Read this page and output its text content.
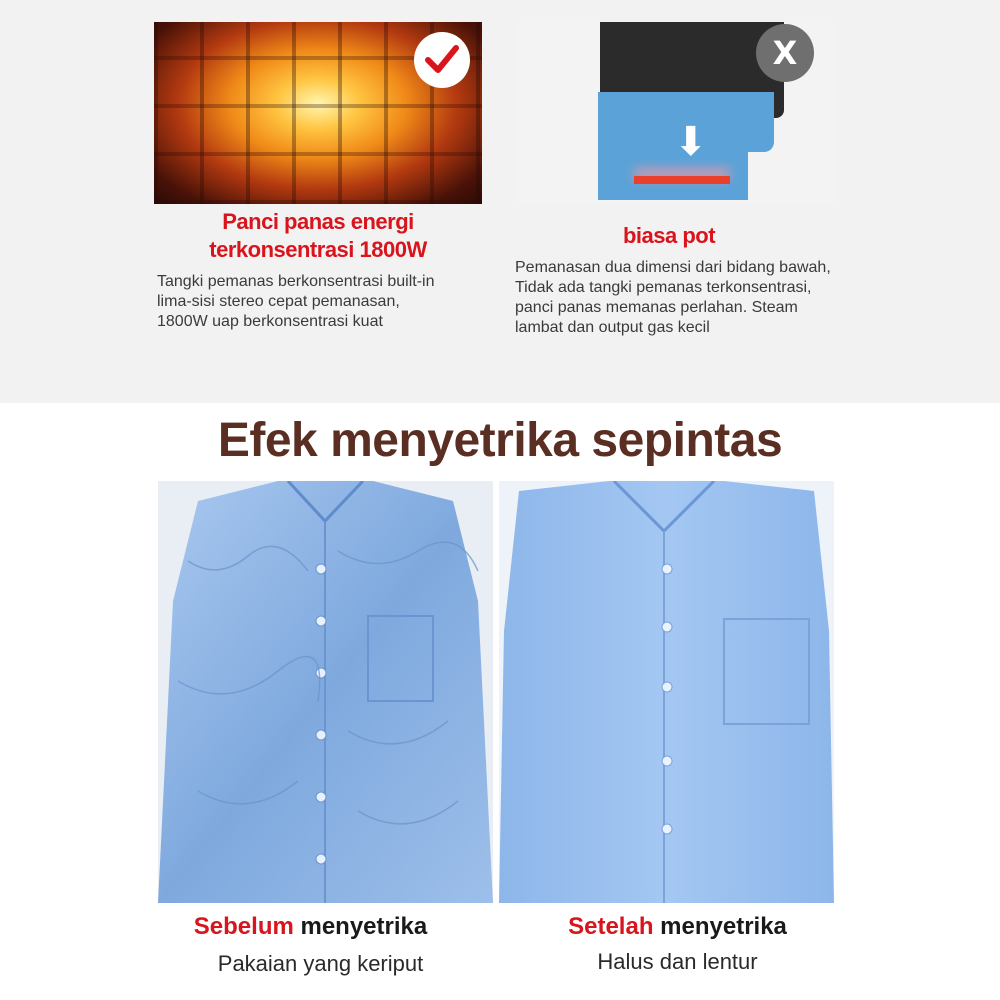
Panci panas energi
terkonsentrasi 1800W
Tangki pemanas berkonsentrasi built-in
lima-sisi stereo cepat pemanasan,
1800W uap berkonsentrasi kuat
⬇
X
biasa pot
Pemanasan dua dimensi dari bidang bawah,
Tidak ada tangki pemanas terkonsentrasi,
panci panas memanas perlahan. Steam
lambat dan output gas kecil
Efek menyetrika sepintas
Sebelum menyetrika
Pakaian yang keriput
Setelah menyetrika
Halus dan lentur
